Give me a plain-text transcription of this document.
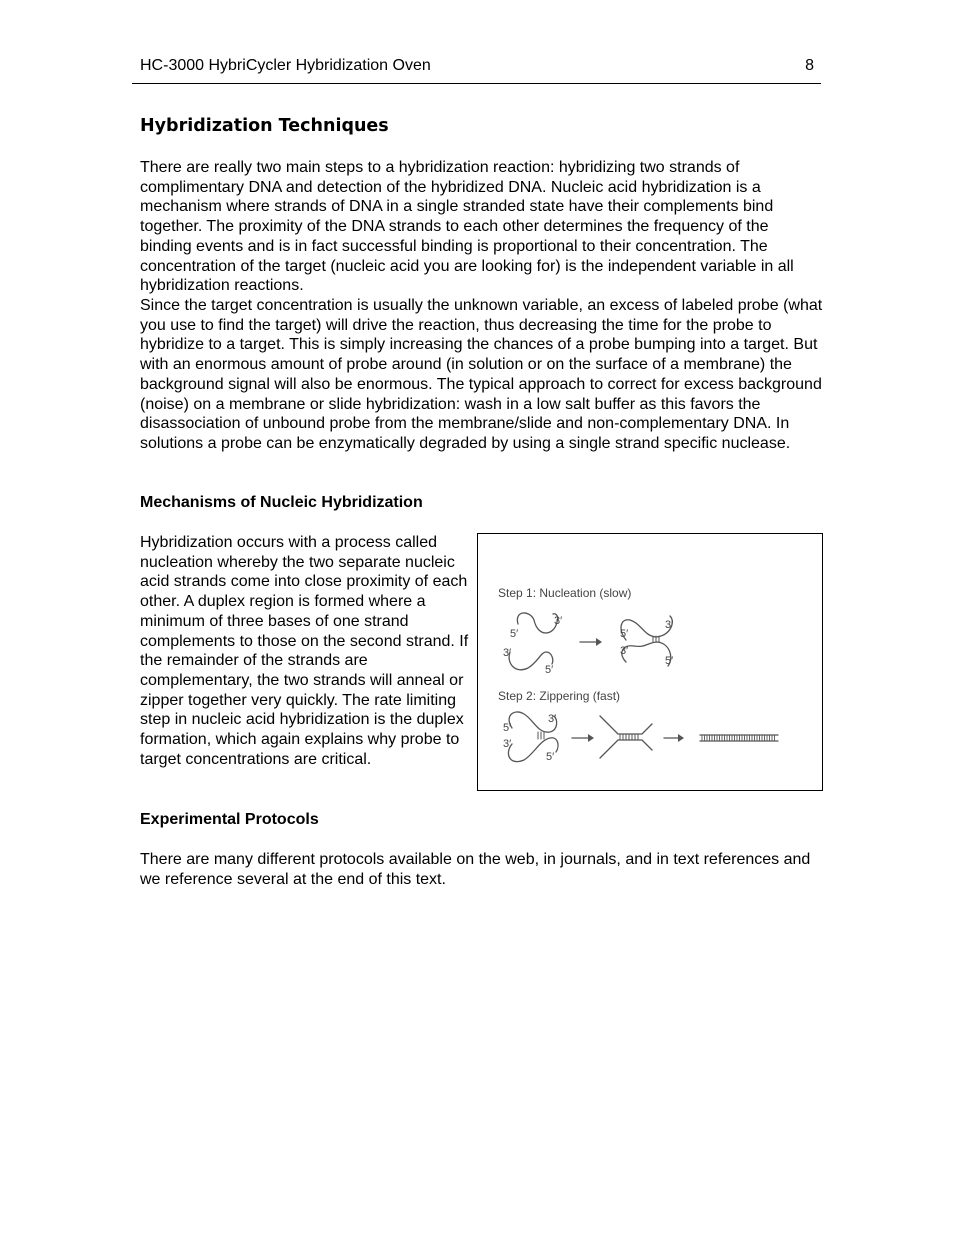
HC-3000 HybriCycler Hybridization Oven	8
Hybridization Techniques

There are really two main steps to a hybridization reaction: hybridizing two strands of complimentary DNA and detection of the hybridized DNA. Nucleic acid hybridization is a mechanism where strands of DNA in a single stranded state have their complements bind together. The proximity of the DNA strands to each other determines the frequency of the binding events and is in fact successful binding is proportional to their concentration. The concentration of the target (nucleic acid you are looking for) is the independent variable in all hybridization reactions.

Since the target concentration is usually the unknown variable, an excess of labeled probe (what you use to find the target) will drive the reaction, thus decreasing the time for the probe to hybridize to a target. This is simply increasing the chances of a probe bumping into a target. But with an enormous amount of probe around (in solution or on the surface of a membrane) the background signal will also be enormous. The typical approach to correct for excess background (noise) on a membrane or slide hybridization: wash in a low salt buffer as this favors the disassociation of unbound probe from the membrane/slide and non-complementary DNA. In solutions a probe can be enzymatically degraded by using a single strand specific nuclease.

Mechanisms of Nucleic Hybridization

Hybridization occurs with a process called nucleation whereby the two separate nucleic acid strands come into close proximity of each other. A duplex region is formed where a minimum of three bases of one strand complements to those on the second strand. If the remainder of the strands are complementary, the two strands will anneal or zipper together very quickly. The rate limiting step in nucleic acid hybridization is the duplex formation, which again explains why probe to target concentrations are critical.

Step 1: Nucleation (slow)
5′
3′
3′
5′
5′
3′
3′
5′
Step 2: Zippering (fast)
3′
5′
3′
5′
Experimental Protocols

There are many different protocols available on the web, in journals, and in text references and we reference several at the end of this text.
